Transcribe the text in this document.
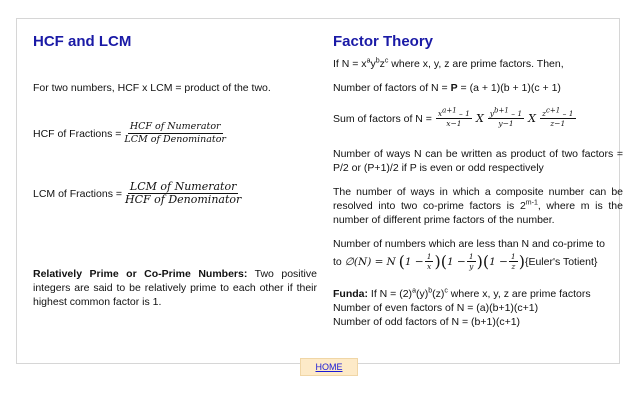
HCF and LCM
For two numbers, HCF x LCM = product of the two.
HCF of Fractions = $\frac{\text{HCF of Numerator}}{\text{LCM of Denominator}}$
LCM of Fractions = $\frac{\text{LCM of Numerator}}{\text{HCF of Denominator}}$
Relatively Prime or Co-Prime Numbers: Two positive integers are said to be relatively prime to each other if their highest common factor is 1.
Factor Theory
If $N = x^ay^bz^c$ where x, y, z are prime factors. Then,
Number of factors of N = P = (a + 1)(b + 1)(c + 1)
Sum of factors of $N = \frac{xa+1 - 1}{x-1}$ X $\frac{yb+1 - 1}{y-1}$ X $\frac{zc+1 - 1}{z-1}$
Number of ways N can be written as product of two factors = P/2 or (P+1)/2 if P is even or odd respectively
The number of ways in which a composite number can be resolved into two co-prime factors is 2$^{m-1}$, where m is the number of different prime factors of the number.
Number of numbers which are less than N and co-prime to
to ∅(N) = N ( $1 - \frac{1}{x}$ ) ( $1 - \frac{1}{y}$ ) ( $1 - \frac{1}{z}$ ) {Euler's Totient}
Funda: If $N = (2)^a(y)^b(z)^c$ where x, y, z are prime factors
Number of even factors of N = (a)(b+1)(c+1)
Number of odd factors of N = (b+1)(c+1)
HOME
